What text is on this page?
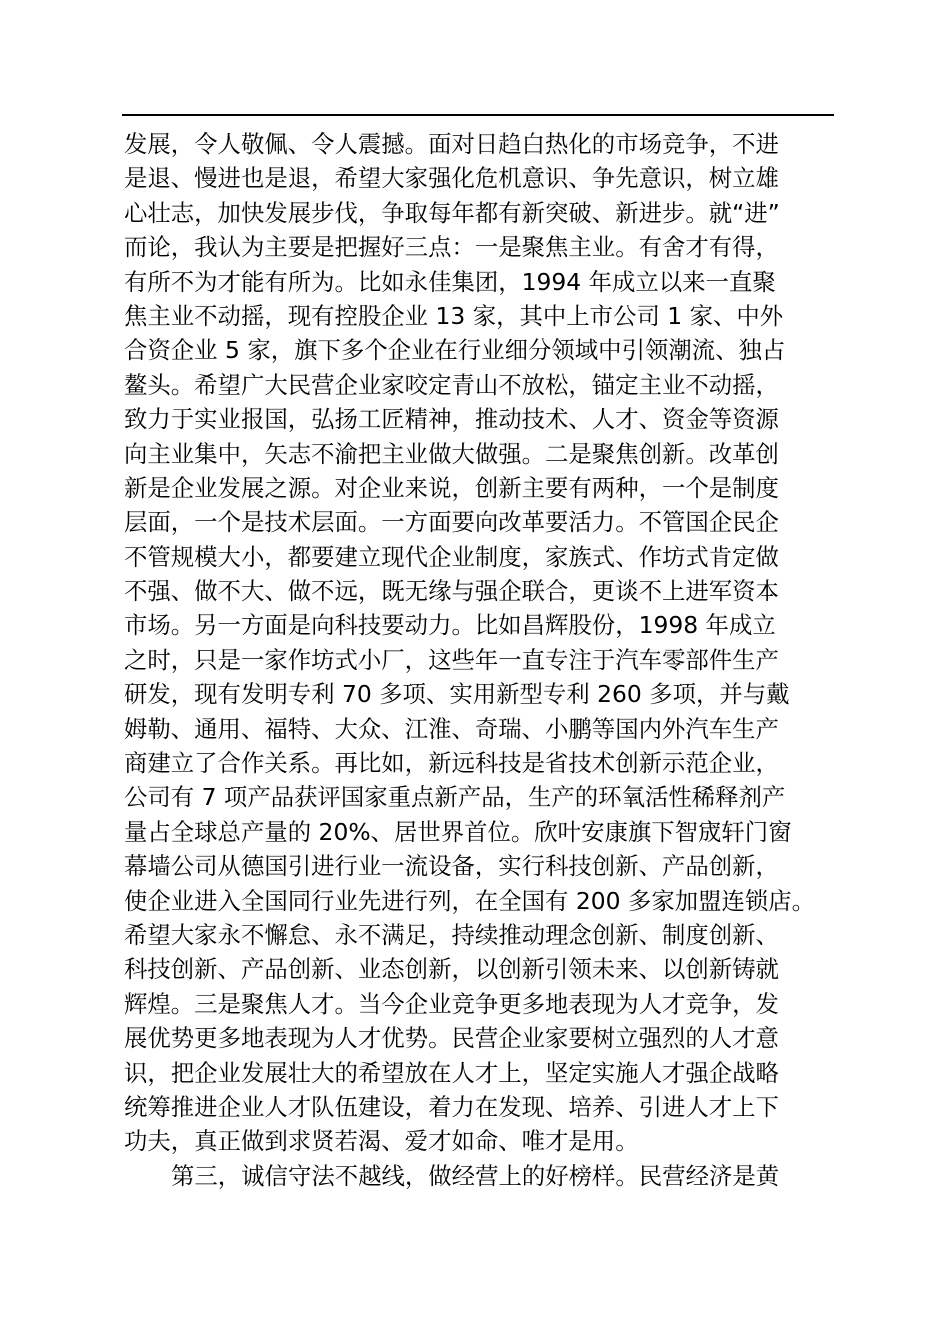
发展，令人敬佩、令人震撼。面对日趋白热化的市场竞争，不进
是退、慢进也是退，希望大家强化危机意识、争先意识，树立雄
心壮志，加快发展步伐，争取每年都有新突破、新进步。就“进”
而论，我认为主要是把握好三点：一是聚焦主业。有舍才有得，
有所不为才能有所为。比如永佳集团，1994 年成立以来一直聚
焦主业不动摇，现有控股企业 13 家，其中上市公司 1 家、中外
合资企业 5 家，旗下多个企业在行业细分领域中引领潮流、独占
鳌头。希望广大民营企业家咬定青山不放松，锚定主业不动摇，
致力于实业报国，弘扬工匠精神，推动技术、人才、资金等资源
向主业集中，矢志不渝把主业做大做强。二是聚焦创新。改革创
新是企业发展之源。对企业来说，创新主要有两种，一个是制度
层面，一个是技术层面。一方面要向改革要活力。不管国企民企
不管规模大小，都要建立现代企业制度，家族式、作坊式肯定做
不强、做不大、做不远，既无缘与强企联合，更谈不上进军资本
市场。另一方面是向科技要动力。比如昌辉股份，1998 年成立
之时，只是一家作坊式小厂，这些年一直专注于汽车零部件生产
研发，现有发明专利 70 多项、实用新型专利 260 多项，并与戴
姆勒、通用、福特、大众、江淮、奇瑞、小鹏等国内外汽车生产
商建立了合作关系。再比如，新远科技是省技术创新示范企业，
公司有 7 项产品获评国家重点新产品，生产的环氧活性稀释剂产
量占全球总产量的 20%、居世界首位。欣叶安康旗下智宬轩门窗
幕墙公司从德国引进行业一流设备，实行科技创新、产品创新，
使企业进入全国同行业先进行列，在全国有 200 多家加盟连锁店。
希望大家永不懈怠、永不满足，持续推动理念创新、制度创新、
科技创新、产品创新、业态创新，以创新引领未来、以创新铸就
辉煌。三是聚焦人才。当今企业竞争更多地表现为人才竞争，发
展优势更多地表现为人才优势。民营企业家要树立强烈的人才意
识，把企业发展壮大的希望放在人才上，坚定实施人才强企战略
统筹推进企业人才队伍建设，着力在发现、培养、引进人才上下
功夫，真正做到求贤若渴、爱才如命、唯才是用。
第三，诚信守法不越线，做经营上的好榜样。民营经济是黄
